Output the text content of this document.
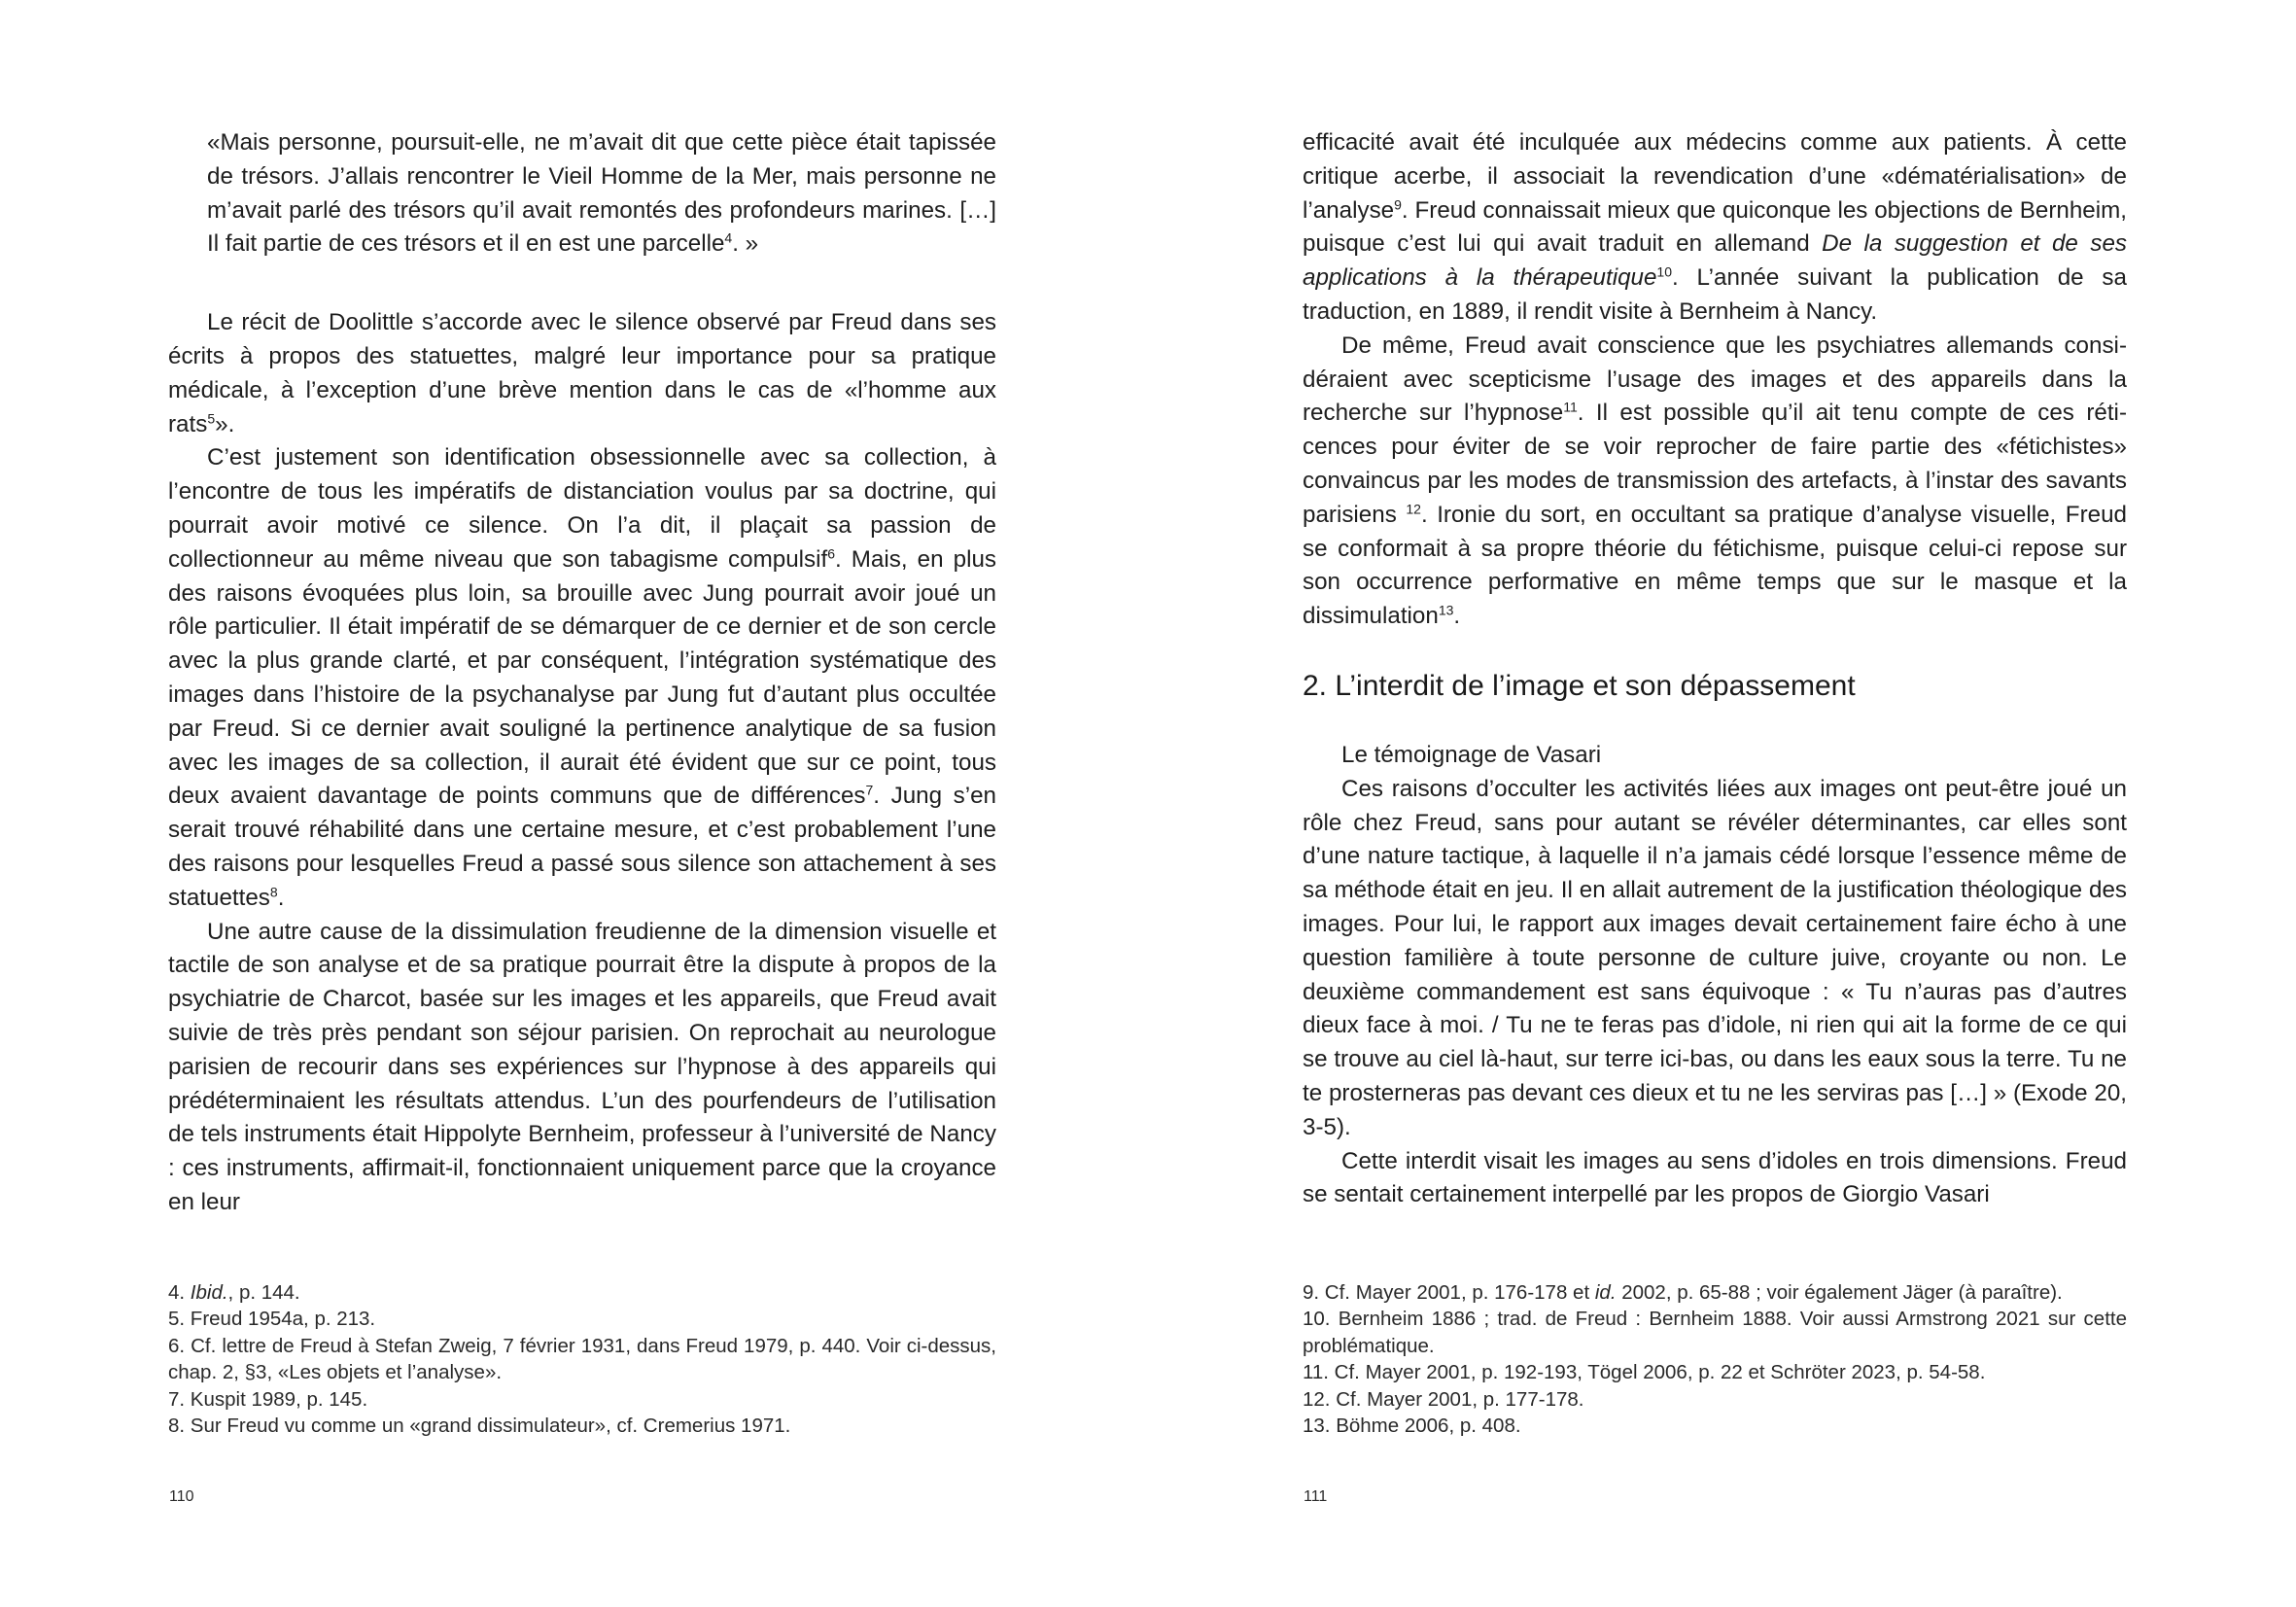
«Mais personne, poursuit-elle, ne m’avait dit que cette pièce était tapissée de trésors. J’allais rencontrer le Vieil Homme de la Mer, mais personne ne m’avait parlé des trésors qu’il avait remontés des profondeurs marines. […] Il fait partie de ces trésors et il en est une parcelle$^4$. »

Le récit de Doolittle s’accorde avec le silence observé par Freud dans ses écrits à propos des statuettes, malgré leur importance pour sa pratique médicale, à l’exception d’une brève mention dans le cas de «l’homme aux rats$^5$».

C’est justement son identification obsessionnelle avec sa collection, à l’encontre de tous les impératifs de distanciation voulus par sa doctrine, qui pourrait avoir motivé ce silence. On l’a dit, il plaçait sa passion de collectionneur au même niveau que son tabagisme compulsif$^6$. Mais, en plus des raisons évoquées plus loin, sa brouille avec Jung pourrait avoir joué un rôle particulier. Il était impératif de se démarquer de ce dernier et de son cercle avec la plus grande clarté, et par conséquent, l’intégration systématique des images dans l’histoire de la psychanalyse par Jung fut d’autant plus occultée par Freud. Si ce dernier avait souligné la pertinence analytique de sa fusion avec les images de sa collection, il aurait été évident que sur ce point, tous deux avaient davantage de points communs que de différences$^7$. Jung s’en serait trouvé réhabilité dans une certaine mesure, et c’est probablement l’une des raisons pour lesquelles Freud a passé sous silence son attachement à ses statuettes$^8$.

Une autre cause de la dissimulation freudienne de la dimension visuelle et tactile de son analyse et de sa pratique pourrait être la dispute à propos de la psychiatrie de Charcot, basée sur les images et les appareils, que Freud avait suivie de très près pendant son séjour parisien. On reprochait au neurologue parisien de recourir dans ses expériences sur l’hypnose à des appareils qui prédéterminaient les résultats attendus. L’un des pourfendeurs de l’utilisation de tels instruments était Hippolyte Bernheim, professeur à l’université de Nancy : ces instruments, affirmait-il, fonctionnaient uniquement parce que la croyance en leur

4. Ibid., p. 144.

5. Freud 1954a, p. 213.

6. Cf. lettre de Freud à Stefan Zweig, 7 février 1931, dans Freud 1979, p. 440. Voir ci-dessus, chap. 2, §3, «Les objets et l’analyse».

7. Kuspit 1989, p. 145.

8. Sur Freud vu comme un «grand dissimulateur», cf. Cremerius 1971.

110

efficacité avait été inculquée aux médecins comme aux patients. À cette critique acerbe, il associait la revendication d’une «dématérialisation» de l’analyse$^9$. Freud connaissait mieux que quiconque les objections de Bernheim, puisque c’est lui qui avait traduit en allemand De la suggestion et de ses applications à la thérapeutique$^{10}$. L’année suivant la publication de sa traduction, en 1889, il rendit visite à Bernheim à Nancy.

De même, Freud avait conscience que les psychiatres allemands considéraient avec scepticisme l’usage des images et des appareils dans la recherche sur l’hypnose$^{11}$. Il est possible qu’il ait tenu compte de ces réticences pour éviter de se voir reprocher de faire partie des «fétichistes» convaincus par les modes de transmission des artefacts, à l’instar des savants parisiens $^{12}$. Ironie du sort, en occultant sa pratique d’analyse visuelle, Freud se conformait à sa propre théorie du fétichisme, puisque celui-ci repose sur son occurrence performative en même temps que sur le masque et la dissimulation$^{13}$.

2. L’interdit de l’image et son dépassement

Le témoignage de Vasari

Ces raisons d’occulter les activités liées aux images ont peut-être joué un rôle chez Freud, sans pour autant se révéler déterminantes, car elles sont d’une nature tactique, à laquelle il n’a jamais cédé lorsque l’essence même de sa méthode était en jeu. Il en allait autrement de la justification théologique des images. Pour lui, le rapport aux images devait certainement faire écho à une question familière à toute personne de culture juive, croyante ou non. Le deuxième commandement est sans équivoque : « Tu n’auras pas d’autres dieux face à moi. / Tu ne te feras pas d’idole, ni rien qui ait la forme de ce qui se trouve au ciel là-haut, sur terre ici-bas, ou dans les eaux sous la terre. Tu ne te prosterneras pas devant ces dieux et tu ne les serviras pas […] » (Exode 20, 3-5).

Cette interdit visait les images au sens d’idoles en trois dimensions. Freud se sentait certainement interpellé par les propos de Giorgio Vasari

9. Cf. Mayer 2001, p. 176-178 et id. 2002, p. 65-88 ; voir également Jäger (à paraître).

10. Bernheim 1886 ; trad. de Freud : Bernheim 1888. Voir aussi Armstrong 2021 sur cette problématique.

11. Cf. Mayer 2001, p. 192-193, Tögel 2006, p. 22 et Schröter 2023, p. 54-58.

12. Cf. Mayer 2001, p. 177-178.

13. Böhme 2006, p. 408.

111
